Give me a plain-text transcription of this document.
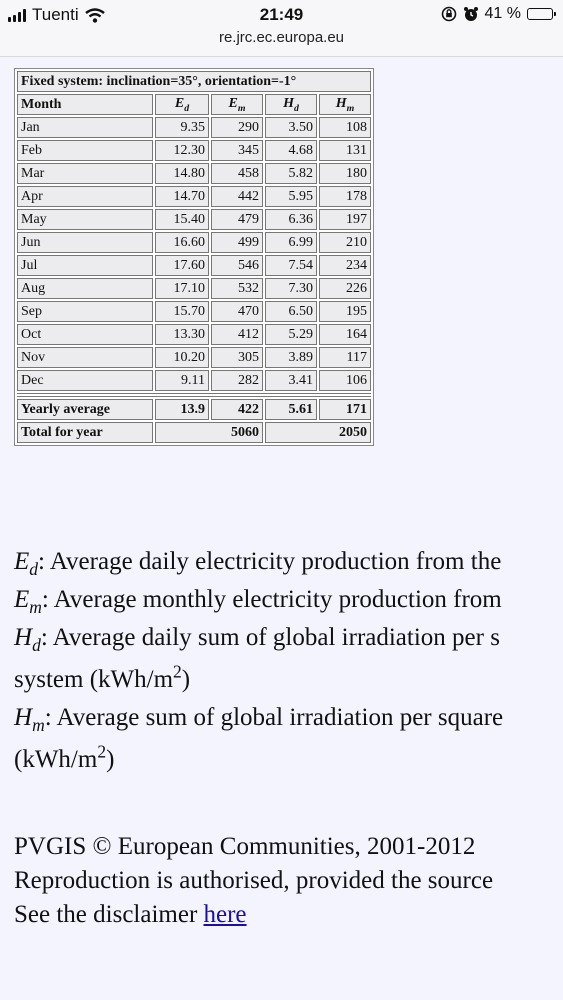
Tuenti	21:49
re.jrc.ec.europa.eu
41 %
Fixed system: inclination=35°, orientation=-1°				
Month	$E_d$	$E_m$	$H_d$	$H_m$
Jan	9.35	290	3.50	108
Feb	12.30	345	4.68	131
Mar	14.80	458	5.82	180
Apr	14.70	442	5.95	178
May	15.40	479	6.36	197
Jun	16.60	499	6.99	210
Jul	17.60	546	7.54	234
Aug	17.10	532	7.30	226
Sep	15.70	470	6.50	195
Oct	13.30	412	5.29	164
Nov	10.20	305	3.89	117
Dec	9.11	282	3.41	106

Yearly average	13.9	422	5.61	171
Total for year	5060		2050	

$E_d$: Average daily electricity production from the

$E_m$: Average monthly electricity production from

$H_d$: Average daily sum of global irradiation per s

system $(kWh/m^2)$

$H_m$: Average sum of global irradiation per square

$(kWh/m^2)$

PVGIS © European Communities, 2001-2012

Reproduction is authorised, provided the source

See the disclaimer here
